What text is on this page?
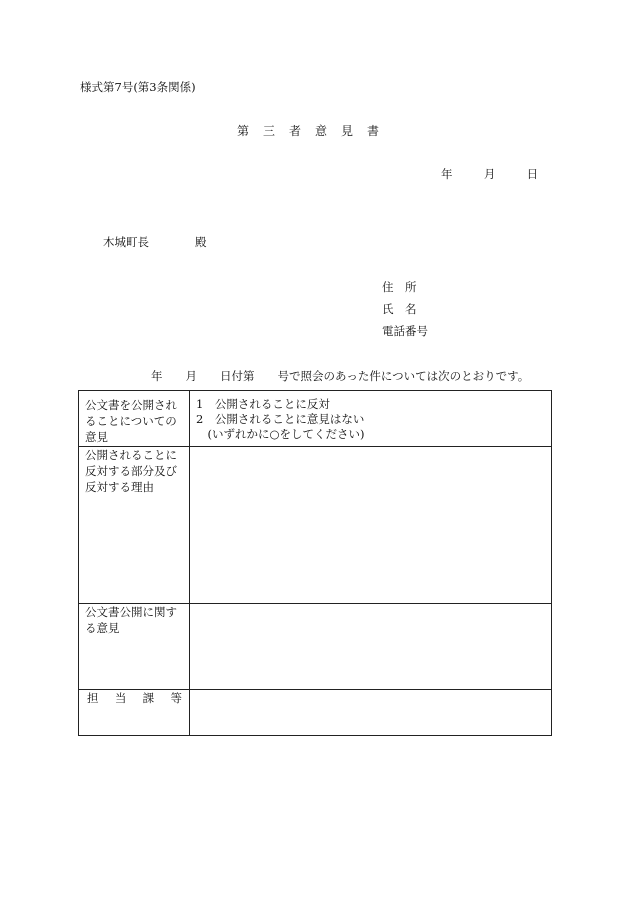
様式第7号(第3条関係)
第三者意見書
年	月	日
木城町長	殿
住　所
氏　名
電話番号
年　　月　　日付第　　号で照会のあった件については次のとおりです。
公文書を公開されることについての意見	1　公開されることに反対
2　公開されることに意見はない
　(いずれかに○をしてください)

公開されることに反対する部分及び反対する理由	

公文書公開に関する意見	

担 当 課 等	
